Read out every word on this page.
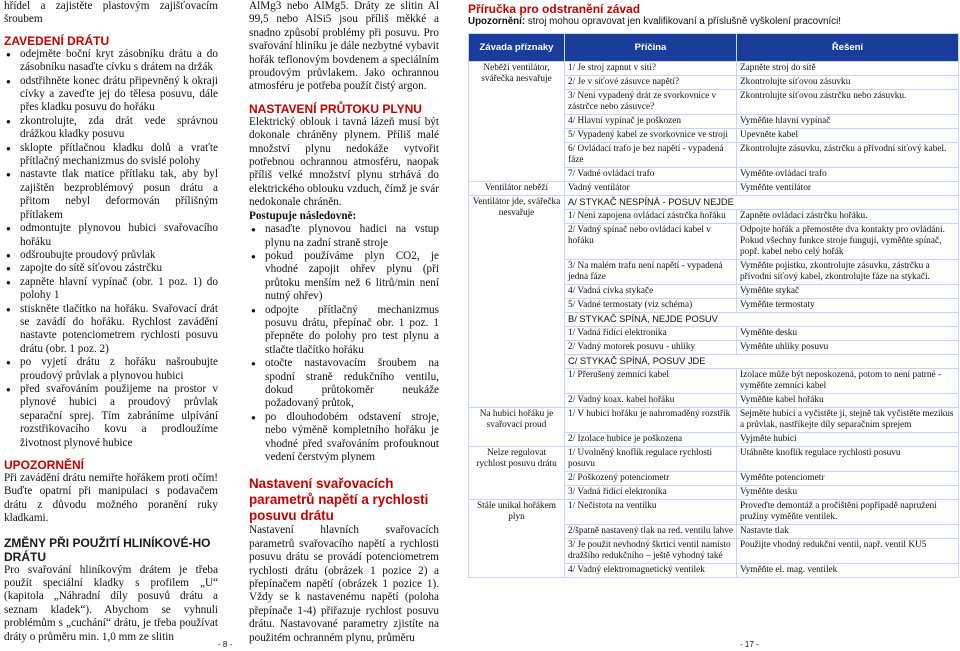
hřídel a zajistěte plastovým zajišťovacím šroubem

ZAVEDENÍ DRÁTU
● odejměte boční kryt zásobníku drátu a do zásobníku nasaďte cívku s drátem na držák
● odstřihněte konec drátu připevněný k okraji cívky a zaveďte jej do tělesa posuvu, dále přes kladku posuvu do hořáku
● zkontrolujte, zda drát vede správnou drážkou kladky posuvu
● sklopte přítlačnou kladku dolů a vraťte přítlačný mechanizmus do svislé polohy
● nastavte tlak matice přítlaku tak, aby byl zajištěn bezproblémový posun drátu a přitom nebyl deformován přílišným přítlakem
● odmontujte plynovou hubici svařovacího hořáku
● odšroubujte proudový průvlak
● zapojte do sítě síťovou zástrčku
● zapněte hlavní vypínač (obr. 1 poz. 1) do polohy 1
● stiskněte tlačítko na hořáku. Svařovací drát se zavádí do hořáku. Rychlost zavádění nastavte potenciometrem rychlosti posuvu drátu (obr. 1 poz. 2)
● po vyjetí drátu z hořáku našroubujte proudový průvlak a plynovou hubici
● před svařováním použijeme na prostor v plynové hubici a proudový průvlak separační sprej. Tím zabráníme ulpívání rozstřikovacího kovu a prodloužíme životnost plynové hubice
UPOZORNĚNÍ

Při zavádění drátu nemiřte hořákem proti očím! Buďte opatrní při manipulaci s podavačem drátu z důvodu možného poranění ruky kladkami.

ZMĚNY PŘI POUŽITÍ HLINÍKOVÉ-HO DRÁTU

Pro svařování hliníkovým drátem je třeba použít speciální kladky s profilem „U“ (kapitola „Náhradní díly posuvů drátu a seznam kladek“). Abychom se vyhnuli problémům s „cuchání“ drátu, je třeba používat dráty o průměru min. 1,0 mm ze slitin

- 8 -

AlMg3 nebo AlMg5. Dráty ze slitin Al 99,5 nebo AlSi5 jsou příliš měkké a snadno způsobí problémy při posuvu. Pro svařování hliníku je dále nezbytné vybavit hořák teflonovým bovdenem a speciálním proudovým průvlakem. Jako ochrannou atmosféru je potřeba použít čistý argon.

NASTAVENÍ PRŮTOKU PLYNU

Elektrický oblouk i tavná lázeň musí být dokonale chráněny plynem. Příliš malé množství plynu nedokáže vytvořit potřebnou ochrannou atmosféru, naopak příliš velké množství plynu strhává do elektrického oblouku vzduch, čímž je svár nedokonale chráněn.

Postupuje následovně:

● nasaďte plynovou hadici na vstup plynu na zadní straně stroje
● pokud používáme plyn CO2, je vhodné zapojit ohřev plynu (při průtoku menším než 6 litrů/min není nutný ohřev)
● odpojte přítlačný mechanizmus posuvu drátu, přepínač obr. 1 poz. 1 přepněte do polohy pro test plynu a stlačte tlačítko hořáku
● otočte nastavovacím šroubem na spodní straně redukčního ventilu, dokud průtokoměr neukáže požadovaný průtok,
● po dlouhodobém odstavení stroje, nebo výměně kompletního hořáku je vhodné před svařováním profouknout vedení čerstvým plynem
Nastavení svařovacích parametrů napětí a rychlosti posuvu drátu

Nastavení hlavních svařovacích parametrů svařovacího napětí a rychlosti posuvu drátu se provádí potenciometrem rychlosti drátu (obrázek 1 pozice 2) a přepínačem napětí (obrázek 1 pozice 1). Vždy se k nastavenému napětí (poloha přepínače 1-4) přiřazuje rychlost posuvu drátu. Nastavované parametry zjistíte na použitém ochranném plynu, průměru

Příručka pro odstranění závad
Upozornění: stroj mohou opravovat jen kvalifikovaní a příslušně vyškolení pracovníci!
Závada příznaky	Příčina	Řešení
Neběží ventilátor, svářečka nesvařuje	1/ Je stroj zapnut v síti?	Zapněte stroj do sítě
	2/ Je v síťové zásuvce napětí?	Zkontrolujte síťovou zásuvku
	3/ Není vypadený drát ze svorkovnice v zástrčce nebo zásuvce?	Zkontrolujte síťovou zástrčku nebo zásuvku.
	4/ Hlavní vypínač je poškozen	Vyměňte hlavní vypínač
	5/ Vypadený kabel ze svorkovnice ve stroji	Upevněte kabel
	6/ Ovládací trafo je bez napětí - vypadená fáze	Zkontrolujte zásuvku, zástrčku a přívodní síťový kabel.
	7/ Vadné ovládací trafo	Vyměňte ovládací trafo
Ventilátor neběží	Vadný ventilátor	Vyměňte ventilátor
Ventilátor jde, svářečka nesvařuje	A/ STYKAČ NESPÍNÁ - POSUV NEJDE	
	1/ Není zapojena ovládací zástrčka hořáku	Zapněte ovládací zástrčku hořáku.
	2/ Vadný spínač nebo ovládací kabel v hořáku	Odpojte hořák a přemostěte dva kontakty pro ovládání. Pokud všechny funkce stroje fungují, vyměňte spínač, popř. kabel nebo celý hořák
	3/ Na malém trafu není napětí - vypadená jedna fáze	Vyměňte pojistku, zkontrolujte zásuvku, zástrčku a přívodní síťový kabel, zkontrolujte fáze na stykači.
	4/ Vadná cívka stykače	Vyměňte stykač
	5/ Vadné termostaty (viz schéma)	Vyměňte termostaty
	B/ STYKAČ SPÍNÁ, NEJDE POSUV	
	1/ Vadná řídící elektronika	Vyměňte desku
	2/ Vadný motorek posuvu - uhlíky	Vyměňte uhlíky posuvu
	C/ STYKAČ SPÍNÁ, POSUV JDE	
	1/ Přerušený zemnící kabel	Izolace může být neposkozená, potom to není patrné - vyměňte zemnící kabel
	2/ Vadný koax. kabel hořáku	Vyměňte kabel hořáku
Na hubici hořáku je svařovací proud	1/ V hubici hořáku je nahromaděný rozstřik	Sejměte hubici a vyčistěte ji, stejně tak vyčistěte mezikus a průvlak, nastříkejte díly separačním sprejem
	2/ Izolace hubice je poškozena	Vyjměte hubici
Nelze regulovat rychlost posuvu drátu	1/ Uvolněný knoflík regulace rychlosti posuvu	Utáhněte knoflík regulace rychlosti posuvu
	2/ Poškozený potenciometr	Vyměňte potenciometr
	3/ Vadná řídící elektronika	Vyměňte desku
Stále unikal hořákem plyn	1/ Nečistota na ventilku	Proveďte demontáž a pročištění popřípadě napruženi pružiny vyměňte ventilek.
	2/špatně nastavený tlak na red. ventilu lahve	Nastavte tlak
	3/ Je použit nevhodný škrticí ventil namísto dražšího redukčního – ještě vyhodný také	Použijte vhodný redukční ventil, např. ventil KU5
	4/ Vadný elektromagnetický ventilek	Vyměňte el. mag. ventilek
- 17 -
